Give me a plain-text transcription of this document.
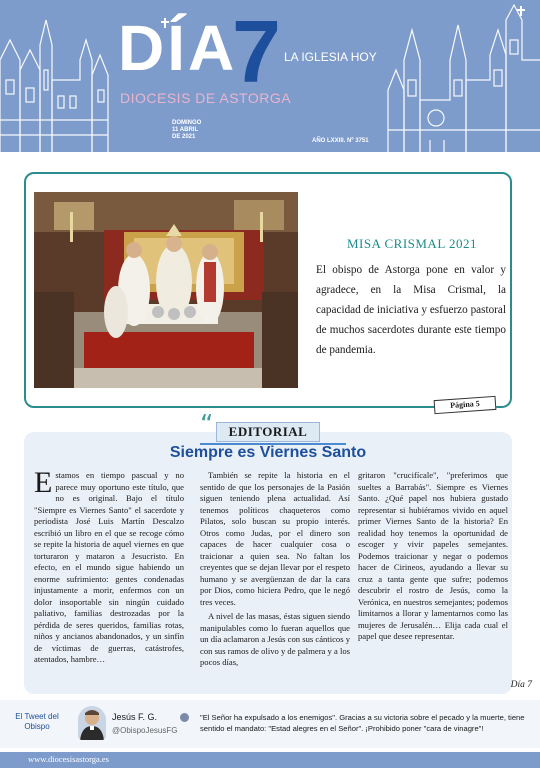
DÍA
7 LA IGLESIA HOY
DIOCESIS DE ASTORGA
DOMINGO
11 ABRIL
DE 2021
AÑO LXXIII. Nº 3751
MISA CRISMAL 2021
El obispo de Astorga pone en valor y agradece, en la Misa Crismal, la capacidad de iniciativa y esfuerzo pastoral de muchos sacerdotes durante este tiempo de pandemia.
Página 5
“	EDITORIAL
Siempre es Viernes Santo

Estamos en tiempo pascual y no parece muy oportuno este título, que no es original. Bajo el título "Siempre es Viernes Santo" el sacerdote y periodista José Luis Martín Descalzo escribió un libro en el que se recoge cómo se repite la historia de aquel viernes en que torturaron y mataron a Jesucristo. En efecto, en el mundo sigue habiendo un enorme sufrimiento: gentes condenadas injustamente a morir, enfermos con un dolor insoportable sin ningún cuidado paliativo, familias destrozadas por la pérdida de seres queridos, familias rotas, niños y ancianos abandonados, y un sinfín de víctimas de guerras, catástrofes, atentados, hambre…

También se repite la historia en el sentido de que los personajes de la Pasión siguen teniendo plena actualidad. Así tenemos políticos chaqueteros como Pilatos, solo buscan su propio interés. Otros como Judas, por el dinero son capaces de hacer cualquier cosa o traicionar a quien sea. No faltan los creyentes que se dejan llevar por el respeto humano y se avergüenzan de dar la cara por Dios, como hiciera Pedro, que le negó tres veces.

A nivel de las masas, éstas siguen siendo manipulables como lo fueran aquellos que un día aclamaron a Jesús con sus cánticos y con sus ramos de olivo y de palmera y a los pocos días,

gritaron "crucifícale", "preferimos que sueltes a Barrabás". Siempre es Viernes Santo. ¿Qué papel nos hubiera gustado representar si hubiéramos vivido en aquel primer Viernes Santo de la historia? En realidad hoy tenemos la oportunidad de escoger y vivir papeles semejantes. Podemos traicionar y negar o podemos hacer de Cirineos, ayudando a llevar su cruz a tanta gente que sufre; podemos descubrir el rostro de Jesús, como la Verónica, en nuestros semejantes; podemos limitarnos a llorar y lamentarnos como las mujeres de Jerusalén… Elija cada cual el papel que desee representar.

Día 7
El Tweet del Obispo
Jesús F. G.
@ObispoJesusFG
"El Señor ha expulsado a los enemigos". Gracias a su victoria sobre el pecado y la muerte, tiene sentido el mandato: "Estad alegres en el Señor". ¡Prohibido poner "cara de vinagre"!
www.diocesisastorga.es
